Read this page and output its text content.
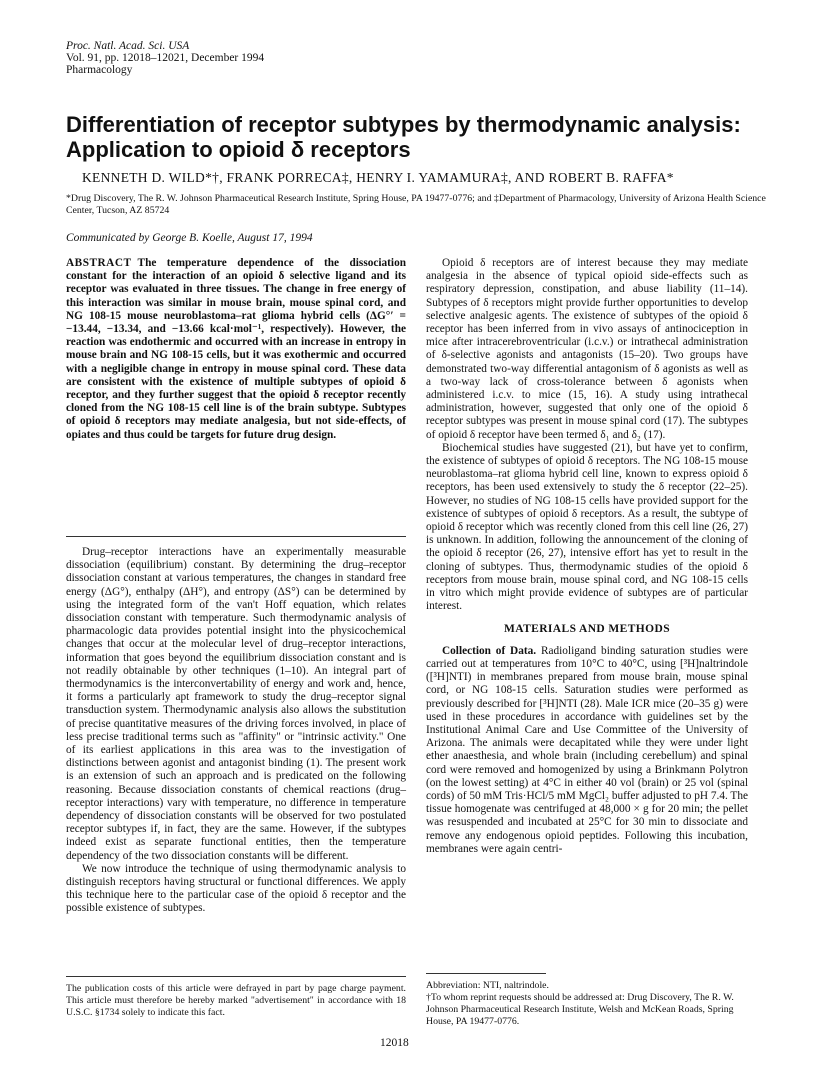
Proc. Natl. Acad. Sci. USA
Vol. 91, pp. 12018–12021, December 1994
Pharmacology
Differentiation of receptor subtypes by thermodynamic analysis:
Application to opioid δ receptors
KENNETH D. WILD*†, FRANK PORRECA‡, HENRY I. YAMAMURA‡, AND ROBERT B. RAFFA*
*Drug Discovery, The R. W. Johnson Pharmaceutical Research Institute, Spring House, PA 19477-0776; and ‡Department of Pharmacology, University of Arizona Health Science Center, Tucson, AZ 85724
Communicated by George B. Koelle, August 17, 1994
ABSTRACT The temperature dependence of the dissociation constant for the interaction of an opioid δ selective ligand and its receptor was evaluated in three tissues. The change in free energy of this interaction was similar in mouse brain, mouse spinal cord, and NG 108-15 mouse neuroblastoma–rat glioma hybrid cells (ΔG°′ = −13.44, −13.34, and −13.66 kcal·mol⁻¹, respectively). However, the reaction was endothermic and occurred with an increase in entropy in mouse brain and NG 108-15 cells, but it was exothermic and occurred with a negligible change in entropy in mouse spinal cord. These data are consistent with the existence of multiple subtypes of opioid δ receptor, and they further suggest that the opioid δ receptor recently cloned from the NG 108-15 cell line is of the brain subtype. Subtypes of opioid δ receptors may mediate analgesia, but not side-effects, of opiates and thus could be targets for future drug design.

Drug–receptor interactions have an experimentally measurable dissociation (equilibrium) constant. By determining the drug–receptor dissociation constant at various temperatures, the changes in standard free energy (ΔG°), enthalpy (ΔH°), and entropy (ΔS°) can be determined by using the integrated form of the van't Hoff equation, which relates dissociation constant with temperature. Such thermodynamic analysis of pharmacologic data provides potential insight into the physicochemical changes that occur at the molecular level of drug–receptor interactions, information that goes beyond the equilibrium dissociation constant and is not readily obtainable by other techniques (1–10). An integral part of thermodynamics is the interconvertability of energy and work and, hence, it forms a particularly apt framework to study the drug–receptor signal transduction system. Thermodynamic analysis also allows the substitution of precise quantitative measures of the driving forces involved, in place of less precise traditional terms such as "affinity" or "intrinsic activity." One of its earliest applications in this area was to the investigation of distinctions between agonist and antagonist binding (1). The present work is an extension of such an approach and is predicated on the following reasoning. Because dissociation constants of chemical reactions (drug–receptor interactions) vary with temperature, no difference in temperature dependency of dissociation constants will be observed for two postulated receptor subtypes if, in fact, they are the same. However, if the subtypes indeed exist as separate functional entities, then the temperature dependency of the two dissociation constants will be different.

We now introduce the technique of using thermodynamic analysis to distinguish receptors having structural or functional differences. We apply this technique here to the particular case of the opioid δ receptor and the possible existence of subtypes.

Opioid δ receptors are of interest because they may mediate analgesia in the absence of typical opioid side-effects such as respiratory depression, constipation, and abuse liability (11–14). Subtypes of δ receptors might provide further opportunities to develop selective analgesic agents. The existence of subtypes of the opioid δ receptor has been inferred from in vivo assays of antinociception in mice after intracerebroventricular (i.c.v.) or intrathecal administration of δ-selective agonists and antagonists (15–20). Two groups have demonstrated two-way differential antagonism of δ agonists as well as a two-way lack of cross-tolerance between δ agonists when administered i.c.v. to mice (15, 16). A study using intrathecal administration, however, suggested that only one of the opioid δ receptor subtypes was present in mouse spinal cord (17). The subtypes of opioid δ receptor have been termed δ₁ and δ₂ (17).

Biochemical studies have suggested (21), but have yet to confirm, the existence of subtypes of opioid δ receptors. The NG 108-15 mouse neuroblastoma–rat glioma hybrid cell line, known to express opioid δ receptors, has been used extensively to study the δ receptor (22–25). However, no studies of NG 108-15 cells have provided support for the existence of subtypes of opioid δ receptors. As a result, the subtype of opioid δ receptor which was recently cloned from this cell line (26, 27) is unknown. In addition, following the announcement of the cloning of the opioid δ receptor (26, 27), intensive effort has yet to result in the cloning of subtypes. Thus, thermodynamic studies of the opioid δ receptors from mouse brain, mouse spinal cord, and NG 108-15 cells in vitro which might provide evidence of subtypes are of particular interest.

MATERIALS AND METHODS

Collection of Data. Radioligand binding saturation studies were carried out at temperatures from 10°C to 40°C, using [³H]naltrindole ([³H]NTI) in membranes prepared from mouse brain, mouse spinal cord, or NG 108-15 cells. Saturation studies were performed as previously described for [³H]NTI (28). Male ICR mice (20–35 g) were used in these procedures in accordance with guidelines set by the Institutional Animal Care and Use Committee of the University of Arizona. The animals were decapitated while they were under light ether anaesthesia, and whole brain (including cerebellum) and spinal cord were removed and homogenized by using a Brinkmann Polytron (on the lowest setting) at 4°C in either 40 vol (brain) or 25 vol (spinal cords) of 50 mM Tris·HCl/5 mM MgCl₂ buffer adjusted to pH 7.4. The tissue homogenate was centrifuged at 48,000 × g for 20 min; the pellet was resuspended and incubated at 25°C for 30 min to dissociate and remove any endogenous opioid peptides. Following this incubation, membranes were again centri-

The publication costs of this article were defrayed in part by page charge payment. This article must therefore be hereby marked "advertisement" in accordance with 18 U.S.C. §1734 solely to indicate this fact.

Abbreviation: NTI, naltrindole.

†To whom reprint requests should be addressed at: Drug Discovery, The R. W. Johnson Pharmaceutical Research Institute, Welsh and McKean Roads, Spring House, PA 19477-0776.

12018
